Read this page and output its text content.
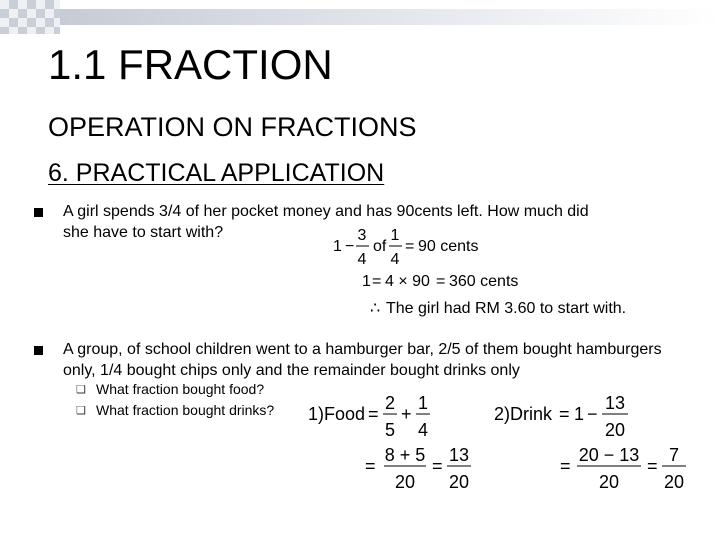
1.1 FRACTION
OPERATION ON FRACTIONS
6. PRACTICAL APPLICATION
A girl spends 3/4 of her pocket money and has 90cents left. How much did she have to start with?
1 −
3
4
of
1
4
= 90 cents
1 = 4 × 90 = 360 cents
∴ The girl had RM 3.60 to start with.
A group, of school children went to a hamburger bar, 2/5 of them bought hamburgers only, 1/4 bought chips only and the remainder bought drinks only
❑ What fraction bought food?
❑ What fraction bought drinks? 1)Food =
2
5
+
1
4
=
8 + 5
20
=
13
20
2)Drink = 1 −
13
20
=
20 − 13
20
=
7
20
